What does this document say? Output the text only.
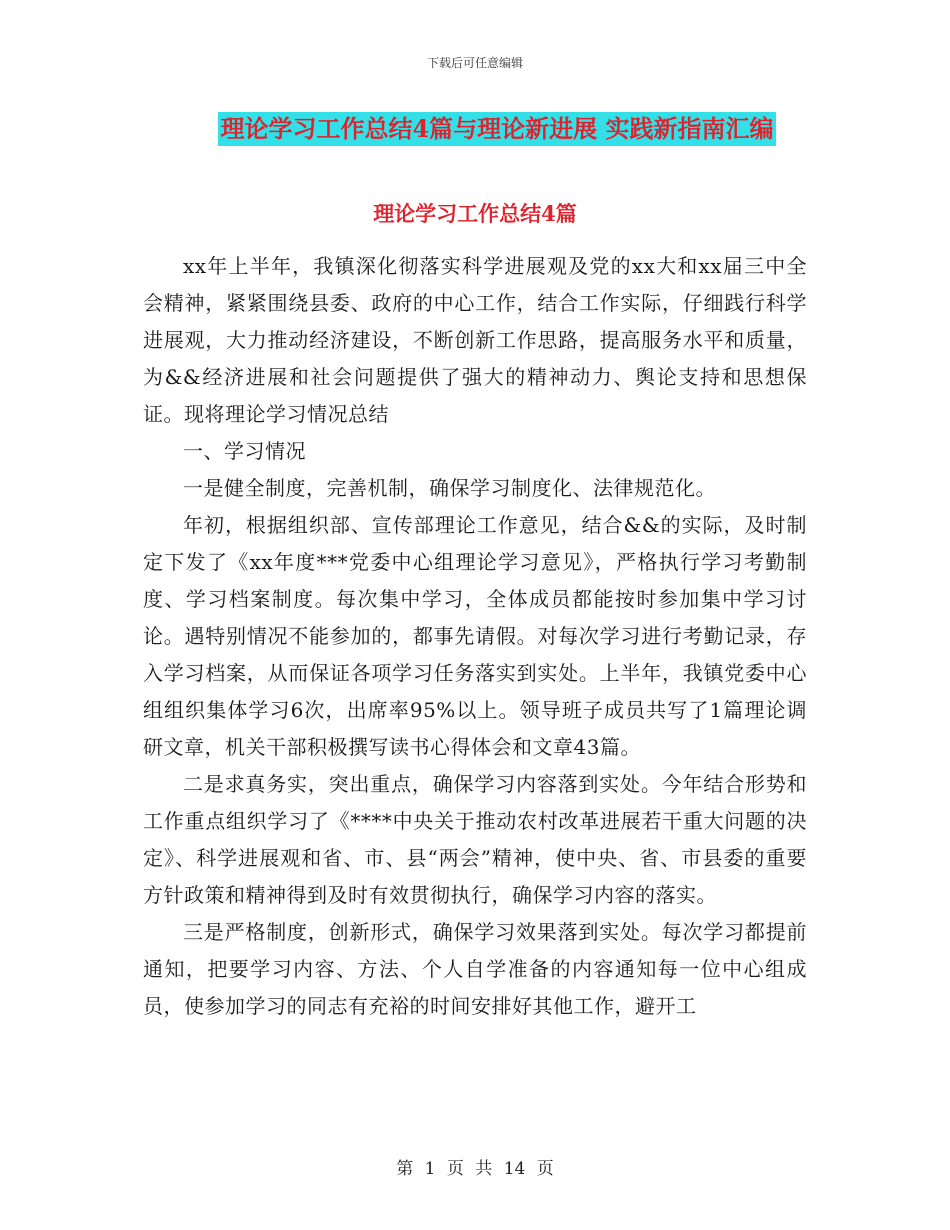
下载后可任意编辑
理论学习工作总结4篇与理论新进展 实践新指南汇编
理论学习工作总结4篇

xx年上半年，我镇深化彻落实科学进展观及党的xx大和xx届三中全会精神，紧紧围绕县委、政府的中心工作，结合工作实际，仔细践行科学进展观，大力推动经济建设，不断创新工作思路，提高服务水平和质量，为&&经济进展和社会问题提供了强大的精神动力、舆论支持和思想保证。现将理论学习情况总结

一、学习情况

一是健全制度，完善机制，确保学习制度化、法律规范化。

年初，根据组织部、宣传部理论工作意见，结合&&的实际，及时制定下发了《xx年度***党委中心组理论学习意见》，严格执行学习考勤制度、学习档案制度。每次集中学习，全体成员都能按时参加集中学习讨论。遇特别情况不能参加的，都事先请假。对每次学习进行考勤记录，存入学习档案，从而保证各项学习任务落实到实处。上半年，我镇党委中心组组织集体学习6次，出席率95%以上。领导班子成员共写了1篇理论调研文章，机关干部积极撰写读书心得体会和文章43篇。

二是求真务实，突出重点，确保学习内容落到实处。今年结合形势和工作重点组织学习了《****中央关于推动农村改革进展若干重大问题的决定》、科学进展观和省、市、县“两会”精神，使中央、省、市县委的重要方针政策和精神得到及时有效贯彻执行，确保学习内容的落实。

三是严格制度，创新形式，确保学习效果落到实处。每次学习都提前通知，把要学习内容、方法、个人自学准备的内容通知每一位中心组成员，使参加学习的同志有充裕的时间安排好其他工作，避开工

第 1 页 共 14 页
